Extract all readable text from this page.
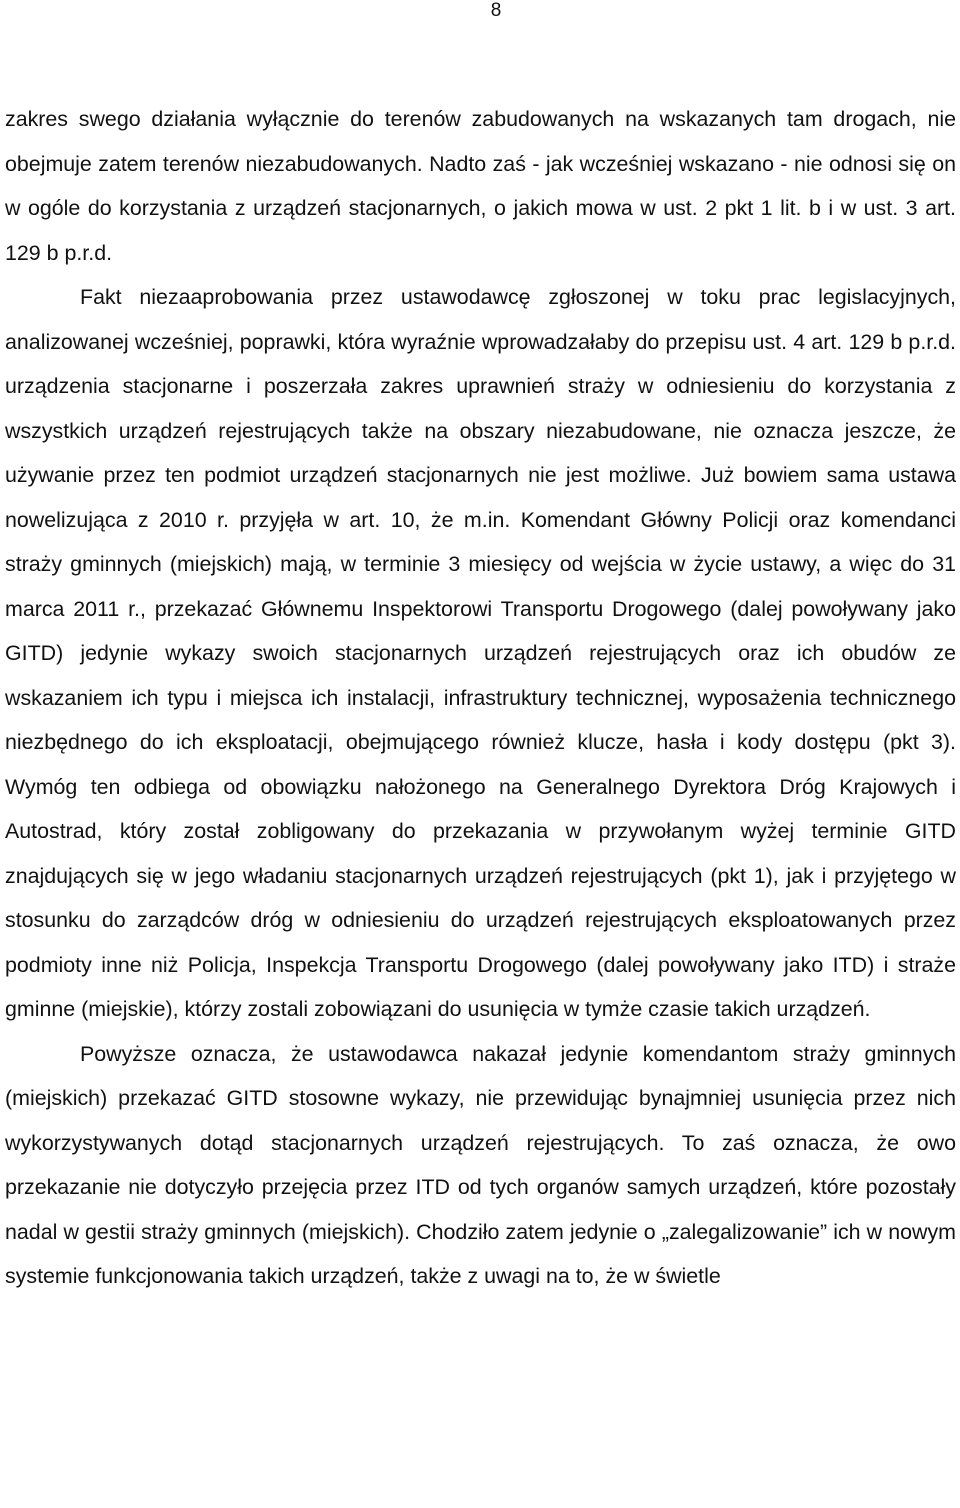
8

zakres swego działania wyłącznie do terenów zabudowanych na wskazanych tam drogach, nie obejmuje zatem terenów niezabudowanych. Nadto zaś - jak wcześniej wskazano - nie odnosi się on w ogóle do korzystania z urządzeń stacjonarnych, o jakich mowa w ust. 2 pkt 1 lit. b i w ust. 3 art. 129 b p.r.d.

Fakt niezaaprobowania przez ustawodawcę zgłoszonej w toku prac legislacyjnych, analizowanej wcześniej, poprawki, która wyraźnie wprowadzałaby do przepisu ust. 4 art. 129 b p.r.d. urządzenia stacjonarne i poszerzała zakres uprawnień straży w odniesieniu do korzystania z wszystkich urządzeń rejestrujących także na obszary niezabudowane, nie oznacza jeszcze, że używanie przez ten podmiot urządzeń stacjonarnych nie jest możliwe. Już bowiem sama ustawa nowelizująca z 2010 r. przyjęła w art. 10, że m.in. Komendant Główny Policji oraz komendanci straży gminnych (miejskich) mają, w terminie 3 miesięcy od wejścia w życie ustawy, a więc do 31 marca 2011 r., przekazać Głównemu Inspektorowi Transportu Drogowego (dalej powoływany jako GITD) jedynie wykazy swoich stacjonarnych urządzeń rejestrujących oraz ich obudów ze wskazaniem ich typu i miejsca ich instalacji, infrastruktury technicznej, wyposażenia technicznego niezbędnego do ich eksploatacji, obejmującego również klucze, hasła i kody dostępu (pkt 3). Wymóg ten odbiega od obowiązku nałożonego na Generalnego Dyrektora Dróg Krajowych i Autostrad, który został zobligowany do przekazania w przywołanym wyżej terminie GITD znajdujących się w jego władaniu stacjonarnych urządzeń rejestrujących (pkt 1), jak i przyjętego w stosunku do zarządców dróg w odniesieniu do urządzeń rejestrujących eksploatowanych przez podmioty inne niż Policja, Inspekcja Transportu Drogowego (dalej powoływany jako ITD) i straże gminne (miejskie), którzy zostali zobowiązani do usunięcia w tymże czasie takich urządzeń.

Powyższe oznacza, że ustawodawca nakazał jedynie komendantom straży gminnych (miejskich) przekazać GITD stosowne wykazy, nie przewidując bynajmniej usunięcia przez nich wykorzystywanych dotąd stacjonarnych urządzeń rejestrujących. To zaś oznacza, że owo przekazanie nie dotyczyło przejęcia przez ITD od tych organów samych urządzeń, które pozostały nadal w gestii straży gminnych (miejskich). Chodziło zatem jedynie o „zalegalizowanie” ich w nowym systemie funkcjonowania takich urządzeń, także z uwagi na to, że w świetle
